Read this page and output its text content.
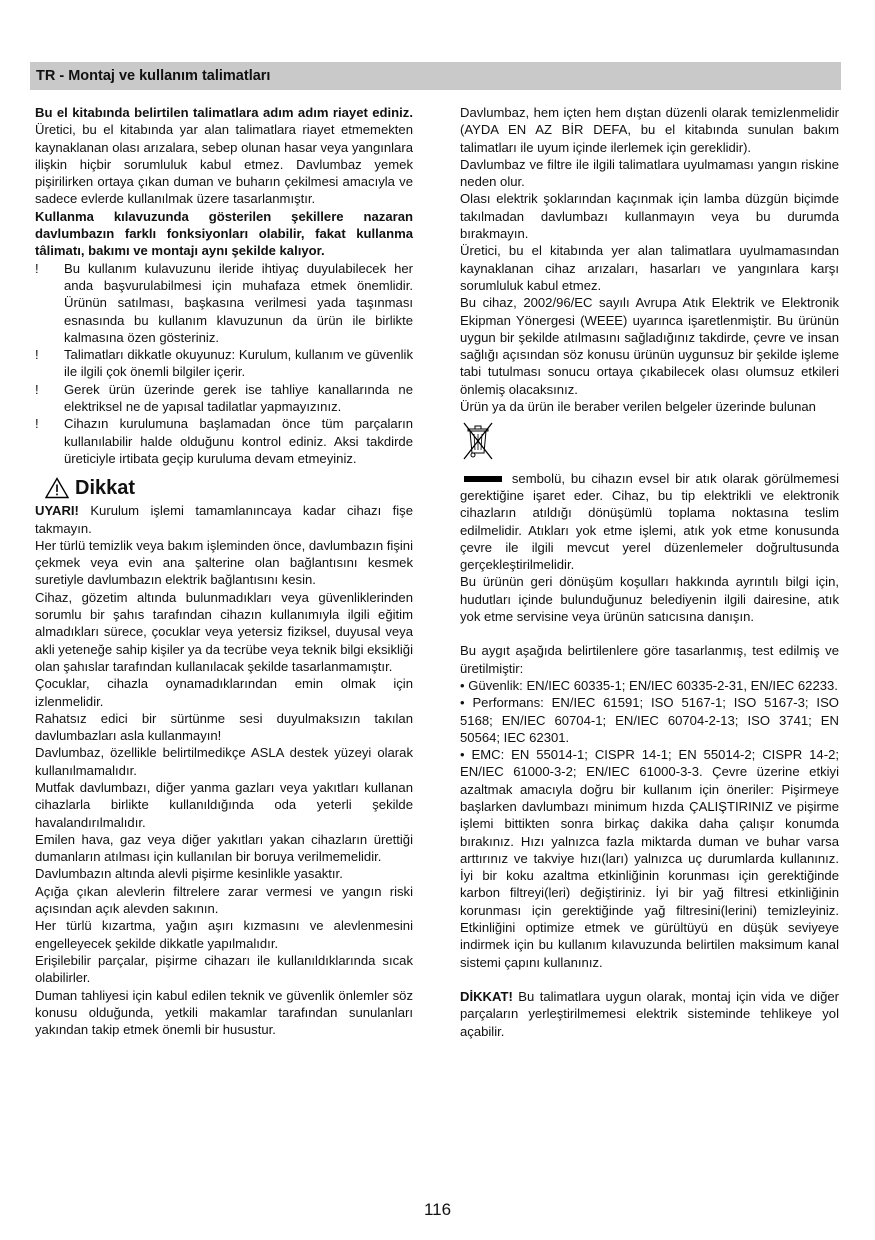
TR - Montaj ve kullanım talimatları

Bu el kitabında belirtilen talimatlara adım adım riayet ediniz. Üretici, bu el kitabında yar alan talimatlara riayet etmemekten kaynaklanan olası arızalara, sebep olunan hasar veya yangınlara ilişkin hiçbir sorumluluk kabul etmez. Davlumbaz yemek pişirilirken ortaya çıkan duman ve buharın çekilmesi amacıyla ve sadece evlerde kullanılmak üzere tasarlanmıştır.

Kullanma kılavuzunda gösterilen şekillere nazaran davlumbazın farklı fonksiyonları olabilir, fakat kullanma tâlimatı, bakımı ve montajı aynı şekilde kalıyor.

!	Bu kullanım kulavuzunu ileride ihtiyaç duyulabilecek her anda başvurulabilmesi için muhafaza etmek önemlidir. Ürünün satılması, başkasına verilmesi yada taşınması esnasında bu kullanım klavuzunun da ürün ile birlikte kalmasına özen gösteriniz.
!	Talimatları dikkatle okuyunuz: Kurulum, kullanım ve güvenlik ile ilgili çok önemli bilgiler içerir.
!	Gerek ürün üzerinde gerek ise tahliye kanallarında ne elektriksel ne de yapısal tadilatlar yapmayızınız.
!	Cihazın kurulumuna başlamadan önce tüm parçaların kullanılabilir halde olduğunu kontrol ediniz. Aksi takdirde üreticiyle irtibata geçip kuruluma devam etmeyiniz.
Dikkat

UYARI! Kurulum işlemi tamamlanıncaya kadar cihazı fişe takmayın.

Her türlü temizlik veya bakım işleminden önce, davlumbazın fişini çekmek veya evin ana şalterine olan bağlantısını kesmek suretiyle davlumbazın elektrik bağlantısını kesin.

Cihaz, gözetim altında bulunmadıkları veya güvenliklerinden sorumlu bir şahıs tarafından cihazın kullanımıyla ilgili eğitim almadıkları sürece, çocuklar veya yetersiz fiziksel, duyusal veya akli yeteneğe sahip kişiler ya da tecrübe veya teknik bilgi eksikliği olan şahıslar tarafından kullanılacak şekilde tasarlanmamıştır.

Çocuklar, cihazla oynamadıklarından emin olmak için izlenmelidir.

Rahatsız edici bir sürtünme sesi duyulmaksızın takılan davlumbazları asla kullanmayın!

Davlumbaz, özellikle belirtilmedikçe ASLA destek yüzeyi olarak kullanılmamalıdır.

Mutfak davlumbazı, diğer yanma gazları veya yakıtları kullanan cihazlarla birlikte kullanıldığında oda yeterli şekilde havalandırılmalıdır.

Emilen hava, gaz veya diğer yakıtları yakan cihazların ürettiği dumanların atılması için kullanılan bir boruya verilmemelidir.

Davlumbazın altında alevli pişirme kesinlikle yasaktır.

Açığa çıkan alevlerin filtrelere zarar vermesi ve yangın riski açısından açık alevden sakının.

Her türlü kızartma, yağın aşırı kızmasını ve alevlenmesini engelleyecek şekilde dikkatle yapılmalıdır.

Erişilebilir parçalar, pişirme cihazarı ile kullanıldıklarında sıcak olabilirler.

Duman tahliyesi için kabul edilen teknik ve güvenlik önlemler söz konusu olduğunda, yetkili makamlar tarafından sunulanları yakından takip etmek önemli bir husustur.

Davlumbaz, hem içten hem dıştan düzenli olarak temizlenmelidir (AYDA EN AZ BİR DEFA, bu el kitabında sunulan bakım talimatları ile uyum içinde ilerlemek için gereklidir).

Davlumbaz ve filtre ile ilgili talimatlara uyulmaması yangın riskine neden olur.

Olası elektrik şoklarından kaçınmak için lamba düzgün biçimde takılmadan davlumbazı kullanmayın veya bu durumda bırakmayın.

Üretici, bu el kitabında yer alan talimatlara uyulmamasından kaynaklanan cihaz arızaları, hasarları ve yangınlara karşı sorumluluk kabul etmez.

Bu cihaz, 2002/96/EC sayılı Avrupa Atık Elektrik ve Elektronik Ekipman Yönergesi (WEEE) uyarınca işaretlenmiştir. Bu ürünün uygun bir şekilde atılmasını sağladığınız takdirde, çevre ve insan sağlığı açısından söz konusu ürünün uygunsuz bir şekilde işleme tabi tutulması sonucu ortaya çıkabilecek olası olumsuz etkileri önlemiş olacaksınız.

Ürün ya da ürün ile beraber verilen belgeler üzerinde bulunan

sembolü, bu cihazın evsel bir atık olarak görülmemesi gerektiğine işaret eder. Cihaz, bu tip elektrikli ve elektronik cihazların atıldığı dönüşümlü toplama noktasına teslim edilmelidir. Atıkları yok etme işlemi, atık yok etme konusunda çevre ile ilgili mevcut yerel düzenlemeler doğrultusunda gerçekleştirilmelidir.

Bu ürünün geri dönüşüm koşulları hakkında ayrıntılı bilgi için, hudutları içinde bulunduğunuz belediyenin ilgili dairesine, atık yok etme servisine veya ürünün satıcısına danışın.

Bu aygıt aşağıda belirtilenlere göre tasarlanmış, test edilmiş ve üretilmiştir:

• Güvenlik: EN/IEC 60335-1; EN/IEC 60335-2-31, EN/IEC 62233.

• Performans: EN/IEC 61591; ISO 5167-1; ISO 5167-3; ISO 5168; EN/IEC 60704-1; EN/IEC 60704-2-13; ISO 3741; EN 50564; IEC 62301.

• EMC: EN 55014-1; CISPR 14-1; EN 55014-2; CISPR 14-2; EN/IEC 61000-3-2; EN/IEC 61000-3-3. Çevre üzerine etkiyi azaltmak amacıyla doğru bir kullanım için öneriler: Pişirmeye başlarken davlumbazı minimum hızda ÇALIŞTIRINIZ ve pişirme işlemi bittikten sonra birkaç dakika daha çalışır konumda bırakınız. Hızı yalnızca fazla miktarda duman ve buhar varsa arttırınız ve takviye hızı(ları) yalnızca uç durumlarda kullanınız. İyi bir koku azaltma etkinliğinin korunması için gerektiğinde karbon filtreyi(leri) değiştiriniz. İyi bir yağ filtresi etkinliğinin korunması için gerektiğinde yağ filtresini(lerini) temizleyiniz. Etkinliğini optimize etmek ve gürültüyü en düşük seviyeye indirmek için bu kullanım kılavuzunda belirtilen maksimum kanal sistemi çapını kullanınız.

DİKKAT! Bu talimatlara uygun olarak, montaj için vida ve diğer parçaların yerleştirilmemesi elektrik sisteminde tehlikeye yol açabilir.

116
